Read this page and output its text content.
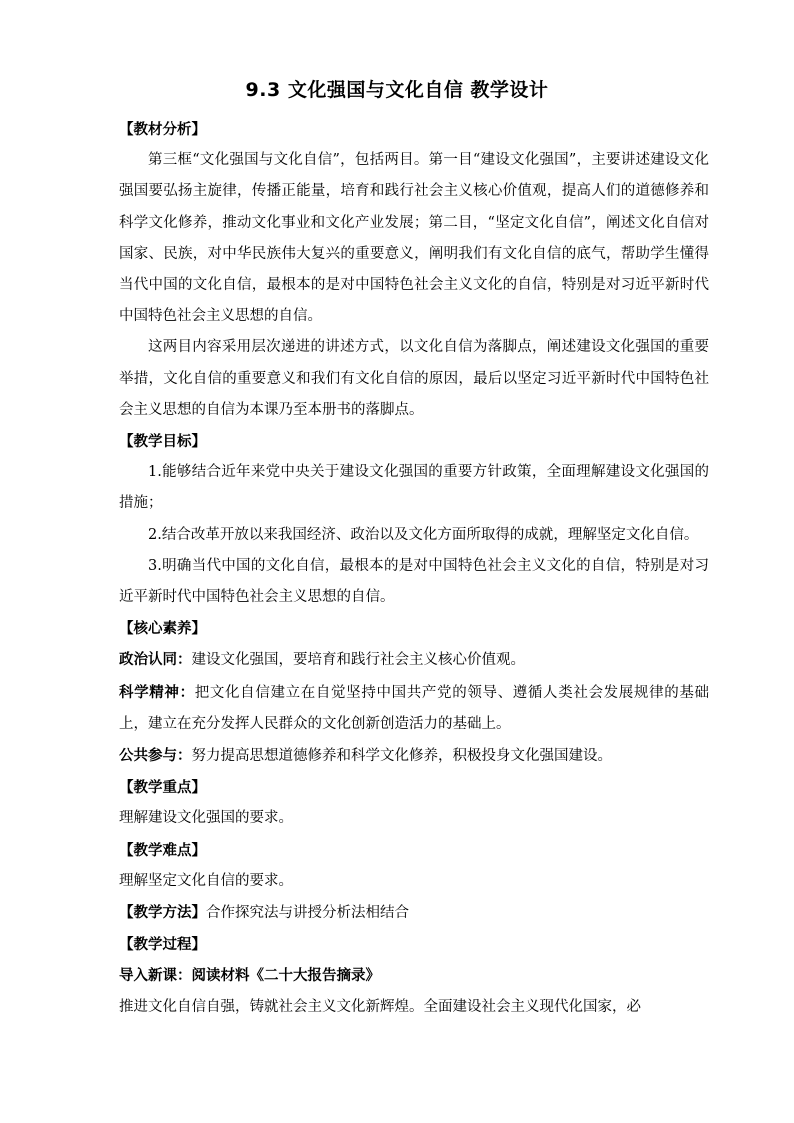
9.3 文化强国与文化自信 教学设计

【教材分析】

第三框“文化强国与文化自信”，包括两目。第一目“建设文化强国”，主要讲述建设文化强国要弘扬主旋律，传播正能量，培育和践行社会主义核心价值观，提高人们的道德修养和科学文化修养，推动文化事业和文化产业发展；第二目，“坚定文化自信”，阐述文化自信对国家、民族，对中华民族伟大复兴的重要意义，阐明我们有文化自信的底气，帮助学生懂得当代中国的文化自信，最根本的是对中国特色社会主义文化的自信，特别是对习近平新时代中国特色社会主义思想的自信。

这两目内容采用层次递进的讲述方式，以文化自信为落脚点，阐述建设文化强国的重要举措，文化自信的重要意义和我们有文化自信的原因，最后以坚定习近平新时代中国特色社会主义思想的自信为本课乃至本册书的落脚点。

【教学目标】

1.能够结合近年来党中央关于建设文化强国的重要方针政策，全面理解建设文化强国的措施；

2.结合改革开放以来我国经济、政治以及文化方面所取得的成就，理解坚定文化自信。

3.明确当代中国的文化自信，最根本的是对中国特色社会主义文化的自信，特别是对习近平新时代中国特色社会主义思想的自信。

【核心素养】

政治认同：建设文化强国，要培育和践行社会主义核心价值观。

科学精神：把文化自信建立在自觉坚持中国共产党的领导、遵循人类社会发展规律的基础上，建立在充分发挥人民群众的文化创新创造活力的基础上。

公共参与：努力提高思想道德修养和科学文化修养，积极投身文化强国建设。

【教学重点】

理解建设文化强国的要求。

【教学难点】

理解坚定文化自信的要求。

【教学方法】合作探究法与讲授分析法相结合

【教学过程】

导入新课：阅读材料《二十大报告摘录》

推进文化自信自强，铸就社会主义文化新辉煌。全面建设社会主义现代化国家，必
